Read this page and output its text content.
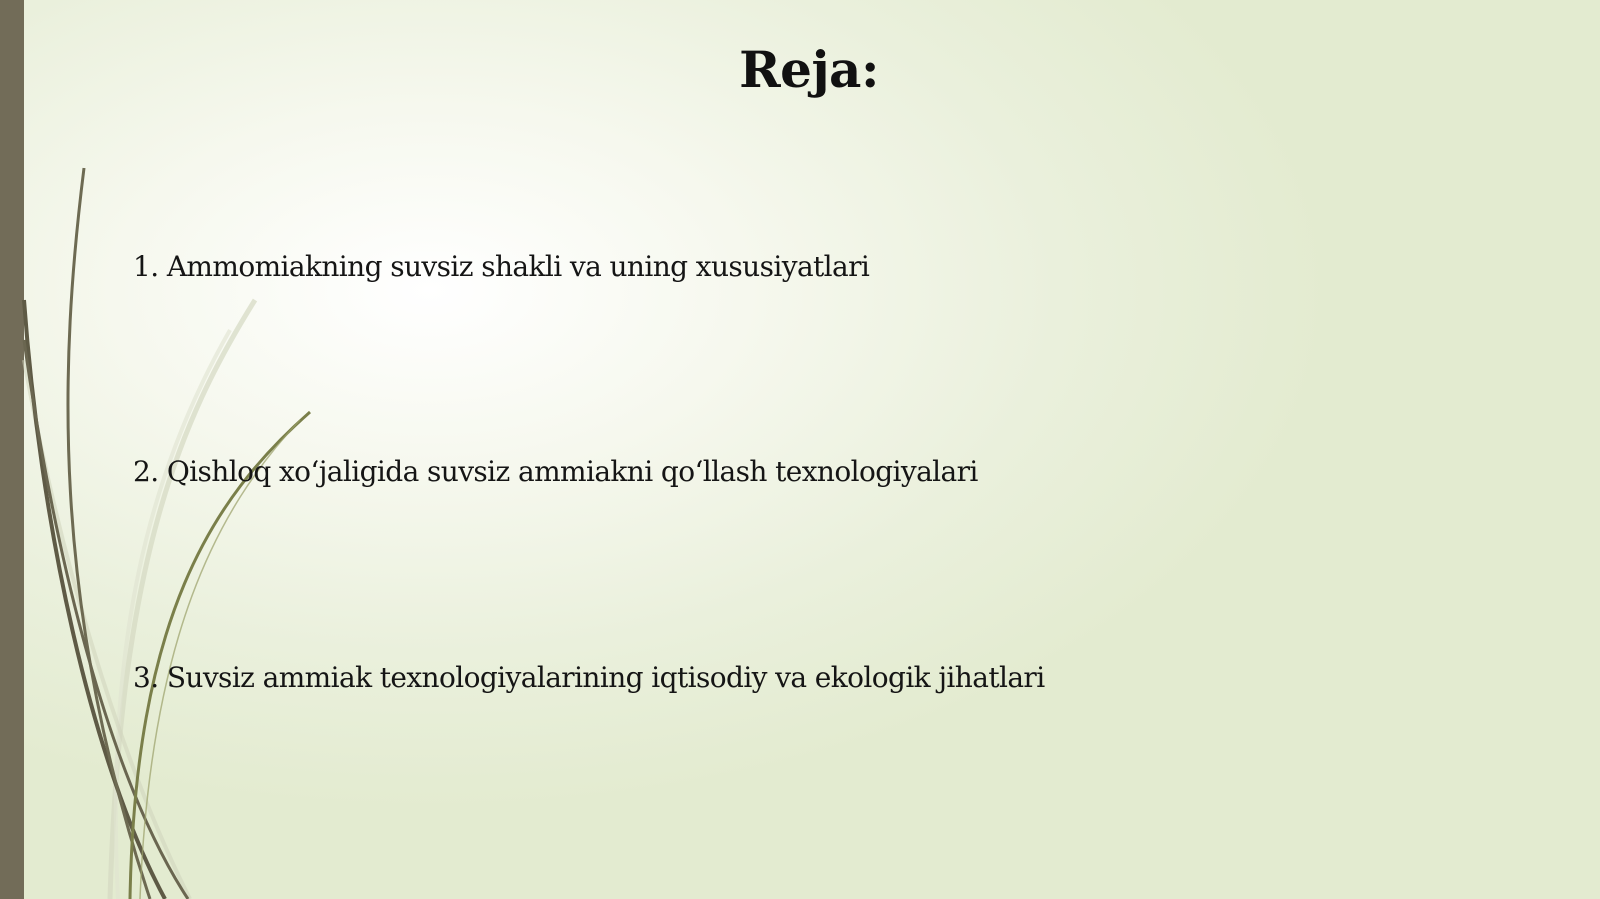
Reja:
1. Ammomiakning suvsiz shakli va uning xususiyatlari
2. Qishloq xo‘jaligida suvsiz ammiakni qo‘llash texnologiyalari
3. Suvsiz ammiak texnologiyalarining iqtisodiy va ekologik jihatlari
